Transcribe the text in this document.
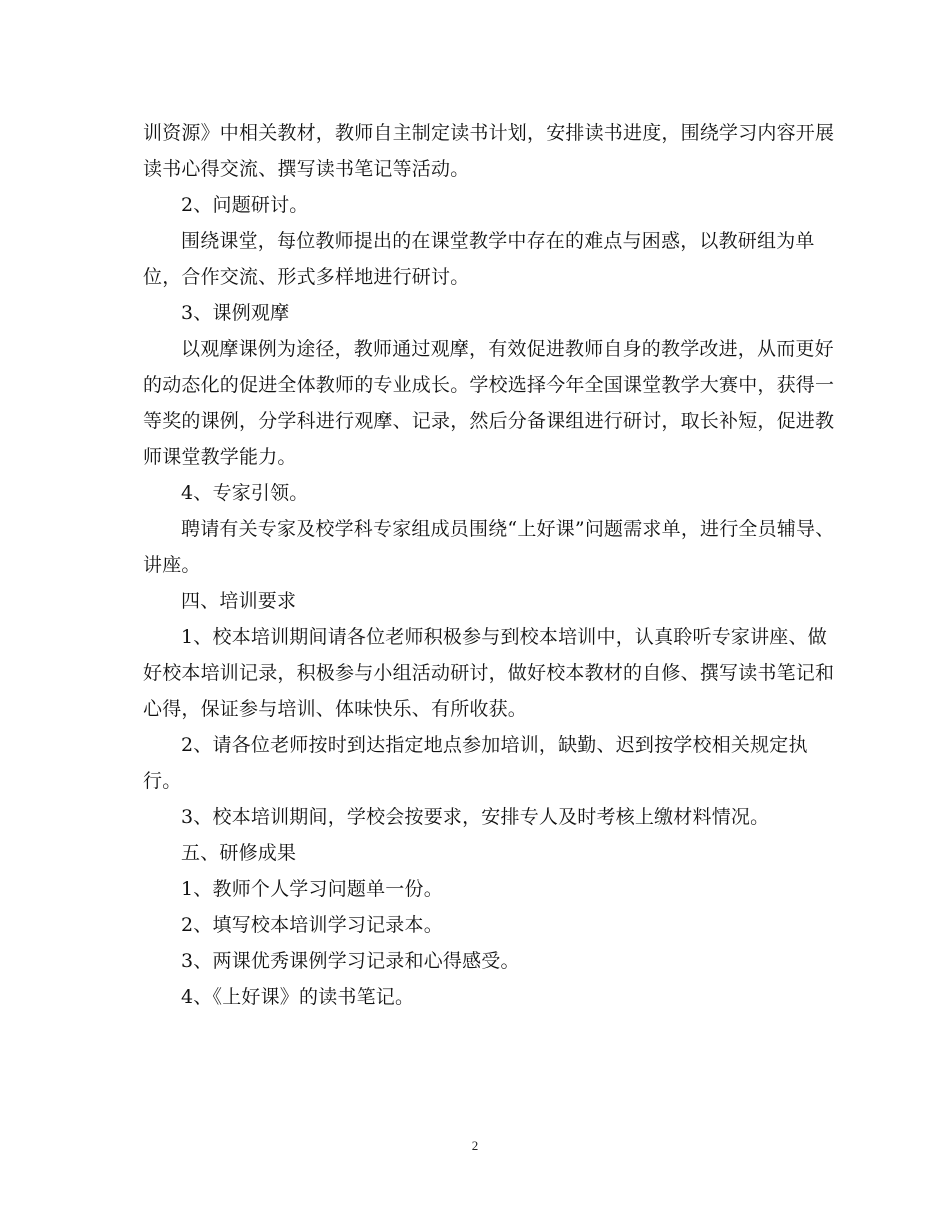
训资源》中相关教材，教师自主制定读书计划，安排读书进度，围绕学习内容开展
读书心得交流、撰写读书笔记等活动。
2、问题研讨。
围绕课堂，每位教师提出的在课堂教学中存在的难点与困惑，以教研组为单
位，合作交流、形式多样地进行研讨。
3、课例观摩
以观摩课例为途径，教师通过观摩，有效促进教师自身的教学改进，从而更好
的动态化的促进全体教师的专业成长。学校选择今年全国课堂教学大赛中，获得一
等奖的课例，分学科进行观摩、记录，然后分备课组进行研讨，取长补短，促进教
师课堂教学能力。
4、专家引领。
聘请有关专家及校学科专家组成员围绕“上好课”问题需求单，进行全员辅导、
讲座。
四、培训要求
1、校本培训期间请各位老师积极参与到校本培训中，认真聆听专家讲座、做
好校本培训记录，积极参与小组活动研讨，做好校本教材的自修、撰写读书笔记和
心得，保证参与培训、体味快乐、有所收获。
2、请各位老师按时到达指定地点参加培训，缺勤、迟到按学校相关规定执
行。
3、校本培训期间，学校会按要求，安排专人及时考核上缴材料情况。
五、研修成果
1、教师个人学习问题单一份。
2、填写校本培训学习记录本。
3、两课优秀课例学习记录和心得感受。
4、《上好课》的读书笔记。
2
